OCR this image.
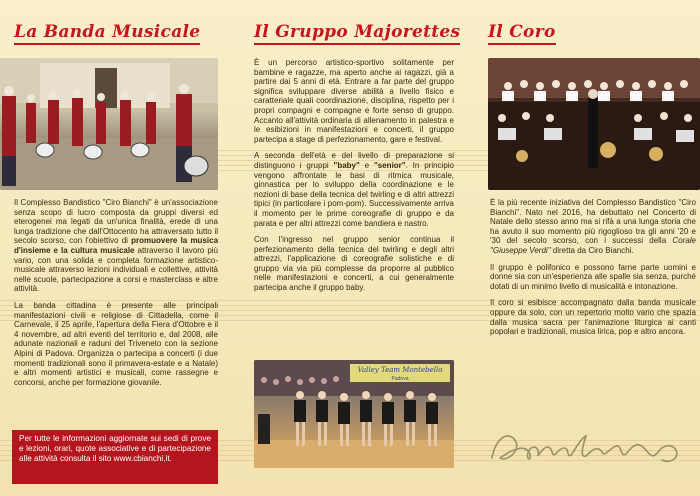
La Banda Musicale

Il Complesso Bandistico "Ciro Bianchi" è un'associazione senza scopo di lucro composta da gruppi diversi ed eterogenei ma legati da un'unica finalità, erede di una lunga tradizione che dall'Ottocento ha attraversato tutto il secolo scorso, con l'obiettivo di promuovere la musica d'insieme e la cultura musicale attraverso il lavoro più vario, con una solida e completa formazione artistico-musicale attraverso lezioni individuali e collettive, attività nelle scuole, partecipazione a corsi e masterclass e altre attività.

La banda cittadina è presente alle principali manifestazioni civili e religiose di Cittadella, come il Carnevale, il 25 aprile, l'apertura della Fiera d'Ottobre e il 4 novembre, ad altri eventi del territorio e, dal 2008, alle adunate nazionali e raduni del Triveneto con la sezione Alpini di Padova. Organizza o partecipa a concerti (i due momenti tradizionali sono il primavera-estate e a Natale) e altri momenti artistici e musicali, come rassegne e concorsi, anche per formazione giovanile.

Per tutte le informazioni aggiornate sui sedi di prove e lezioni, orari, quote associative e di partecipazione alle attività consulta il sito www.cbianchi.it.
Il Gruppo Majorettes

È un percorso artistico-sportivo solitamente per bambine e ragazze, ma aperto anche ai ragazzi, già a partire dai 5 anni di età. Entrare a far parte del gruppo significa sviluppare diverse abilità a livello fisico e caratteriale quali coordinazione, disciplina, rispetto per i propri compagni e compagne e forte senso di gruppo. Accanto all'attività ordinaria di allenamento in palestra e le esibizioni in manifestazioni e concerti, il gruppo partecipa a stage di perfezionamento, gare e festival.

A seconda dell'età e del livello di preparazione si distinguono i gruppi "baby" e "senior". In principio vengono affrontate le basi di ritmica musicale, ginnastica per lo sviluppo della coordinazione e le nozioni di base della tecnica del twirling e di altri attrezzi tipici (in particolare i pom-pom). Successivamente arriva il momento per le prime coreografie di gruppo e da parata e per altri attrezzi come bandiera e nastro.

Con l'ingresso nel gruppo senior continua il perfezionamento della tecnica del twirling e degli altri attrezzi, l'applicazione di coreografie solistiche e di gruppo via via più complesse da proporre al pubblico nelle manifestazioni e concerti, a cui generalmente partecipa anche il gruppo baby.

Valley Team Montebello
Padova
Il Coro

È la più recente iniziativa del Complesso Bandistico "Ciro Bianchi". Nato nel 2016, ha debuttato nel Concerto di Natale dello stesso anno ma si rifà a una lunga storia che ha avuto il suo momento più rigoglioso tra gli anni '20 e '30 del secolo scorso, con i successi della Corale "Giuseppe Verdi" diretta da Ciro Bianchi.

Il gruppo è polifonico e possono farne parte uomini e donne sia con un'esperienza alle spalle sia senza, purché dotati di un minimo livello di musicalità e intonazione.

Il coro si esibisce accompagnato dalla banda musicale oppure da solo, con un repertorio molto vario che spazia dalla musica sacra per l'animazione liturgica ai canti popolari e tradizionali, musica lirica, pop e altro ancora.
